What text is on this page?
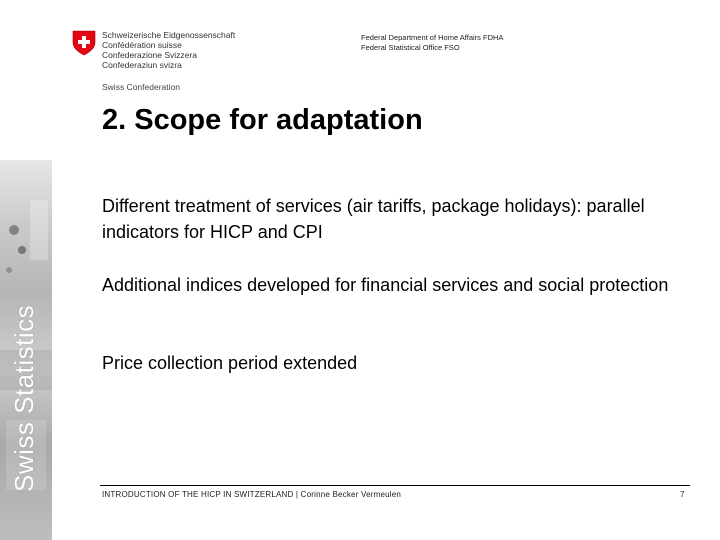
Swiss Statistics
Schweizerische Eidgenossenschaft
Confédération suisse
Confederazione Svizzera
Confederaziun svizra
Swiss Confederation
Federal Department of Home Affairs FDHA
Federal Statistical Office FSO
2. Scope for adaptation
Different treatment of services (air tariffs, package holidays): parallel indicators for HICP and CPI
Additional indices developed for financial services and social protection
Price collection period extended
INTRODUCTION OF THE HICP IN SWITZERLAND | Corinne Becker Vermeulen	7
